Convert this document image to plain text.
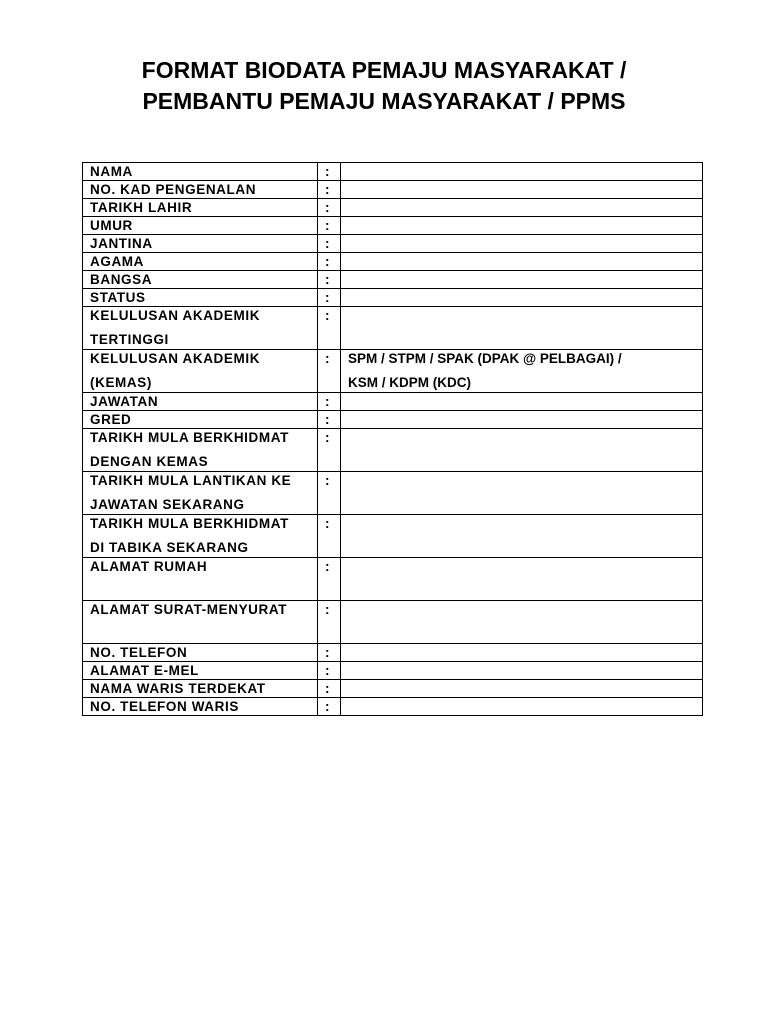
FORMAT BIODATA PEMAJU MASYARAKAT /
PEMBANTU PEMAJU MASYARAKAT / PPMS
NAMA	:	
NO. KAD PENGENALAN	:	
TARIKH LAHIR	:	
UMUR	:	
JANTINA	:	
AGAMA	:	
BANGSA	:	
STATUS	:	
KELULUSAN AKADEMIK
TERTINGGI	:	
KELULUSAN AKADEMIK
(KEMAS)	:	SPM / STPM / SPAK (DPAK @ PELBAGAI) /
KSM / KDPM (KDC)

JAWATAN	:	
GRED	:	
TARIKH MULA BERKHIDMAT
DENGAN KEMAS	:	
TARIKH MULA LANTIKAN KE
JAWATAN SEKARANG	:	
TARIKH MULA BERKHIDMAT
DI TABIKA SEKARANG	:	
ALAMAT RUMAH	:	
ALAMAT SURAT-MENYURAT	:	
NO. TELEFON	:	
ALAMAT E-MEL	:	
NAMA WARIS TERDEKAT	:	
NO. TELEFON WARIS	:	
